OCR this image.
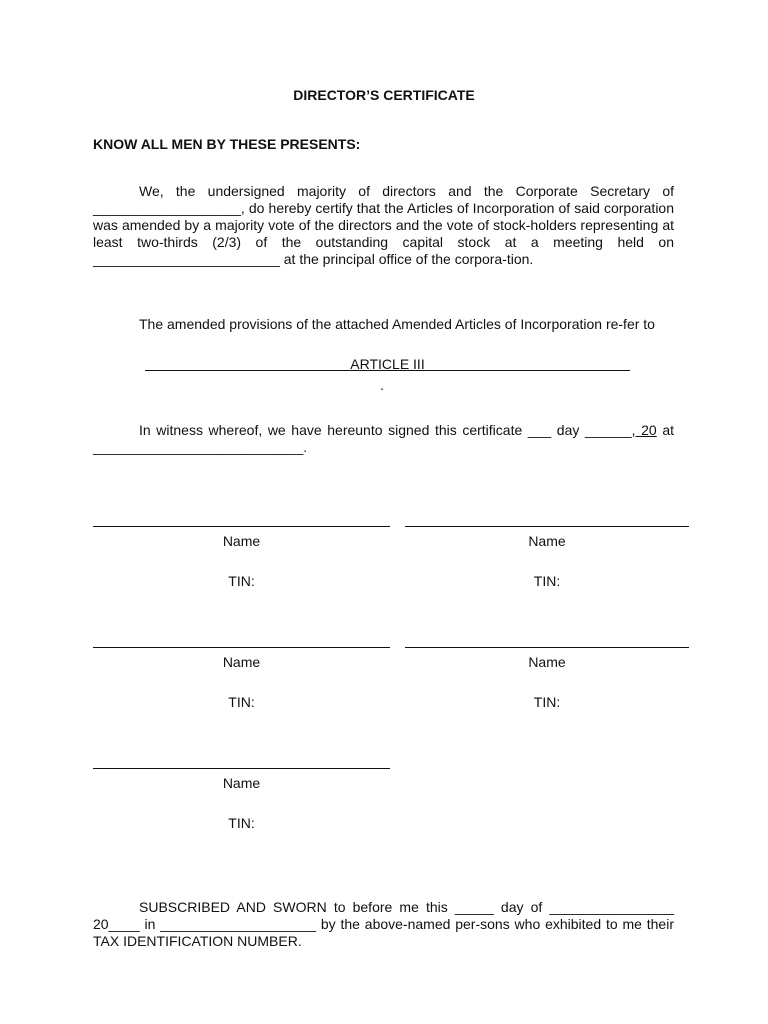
DIRECTOR’S CERTIFICATE
KNOW ALL MEN BY THESE PRESENTS:
We, the undersigned majority of directors and the Corporate Secretary of ___________________, do hereby certify that the Articles of Incorporation of said corporation was amended by a majority vote of the directors and the vote of stock-holders representing at least two-thirds (2/3) of the outstanding capital stock at a meeting held on ________________________ at the principal office of the corpora-tion.
The amended provisions of the attached Amended Articles of Incorporation re-fer to
ARTICLE III
.
In witness whereof, we have hereunto signed this certificate ___ day ______, 20 at ___________________________.
Name
TIN:
Name
TIN:
Name
TIN:
Name
TIN:
Name
TIN:
SUBSCRIBED AND SWORN to before me this _____ day of ________________ 20____ in ____________________ by the above-named per-sons who exhibited to me their TAX IDENTIFICATION NUMBER.
